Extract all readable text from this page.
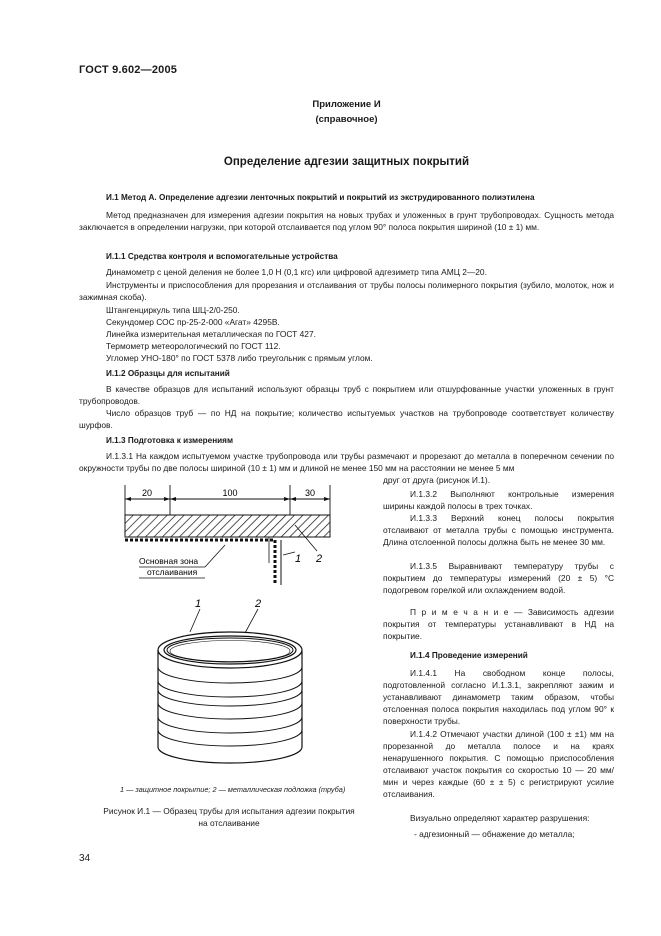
ГОСТ 9.602—2005
Приложение И
(справочное)
Определение адгезии защитных покрытий
И.1 Метод А. Определение адгезии ленточных покрытий и покрытий из экструдированного полиэтилена
Метод предназначен для измерения адгезии покрытия на новых трубах и уложенных в грунт трубопроводах. Сущность метода заключается в определении нагрузки, при которой отслаивается под углом 90° полоса покрытия шириной (10 ± 1) мм.
И.1.1 Средства контроля и вспомогательные устройства
Динамометр с ценой деления не более 1,0 Н (0,1 кгс) или цифровой адгезиметр типа АМЦ 2—20.
Инструменты и приспособления для прорезания и отслаивания от трубы полосы полимерного покрытия (зубило, молоток, нож и зажимная скоба).
Штангенциркуль типа ШЦ-2/0-250.
Секундомер СОС пр-25-2-000 «Агат» 4295В.
Линейка измерительная металлическая по ГОСТ 427.
Термометр метеорологический по ГОСТ 112.
Угломер УНО-180° по ГОСТ 5378 либо треугольник с прямым углом.
И.1.2 Образцы для испытаний
В качестве образцов для испытаний используют образцы труб с покрытием или отшурфованные участки уложенных в грунт трубопроводов.
Число образцов труб — по НД на покрытие; количество испытуемых участков на трубопроводе соответствует количеству шурфов.
И.1.3 Подготовка к измерениям
И.1.3.1 На каждом испытуемом участке трубопровода или трубы размечают и прорезают до металла в поперечном сечении по окружности трубы по две полосы шириной (10 ± 1) мм и длиной не менее 150 мм на расстоянии не менее 5 мм
друг от друга (рисунок И.1).
И.1.3.2 Выполняют контрольные измерения ширины каждой полосы в трех точках.
И.1.3.3 Верхний конец полосы покрытия отслаивают от металла трубы с помощью инструмента. Длина отслоенной полосы должна быть не менее 30 мм.
И.1.3.5 Выравнивают температуру трубы с покрытием до температуры измерений (20 ± 5) °С подогревом горелкой или охлаждением водой.
П р и м е ч а н и е — Зависимость адгезии покрытия от температуры устанавливают в НД на покрытие.
И.1.4 Проведение измерений
И.1.4.1 На свободном конце полосы, подготовленной согласно И.1.3.1, закрепляют зажим и устанавливают динамометр таким образом, чтобы отслоенная полоса покрытия находилась под углом 90° к поверхности трубы.
И.1.4.2 Отмечают участки длиной (100 ± ±1) мм на прорезанной до металла полосе и на краях ненарушенного покрытия. С помощью приспособления отслаивают участок покрытия со скоростью 10 — 20 мм/мин и через каждые (60 ± ± 5) с регистрируют усилие отслаивания.
Визуально определяют характер разрушения:
- адгезионный — обнажение до металла;
20	100	30
Основная зона
отслаивания
1 2
1	2
1 — защитное покрытие; 2 — металлическая подложка (труба)
Рисунок И.1 — Образец трубы для испытания адгезии покрытия
на отслаивание
34
